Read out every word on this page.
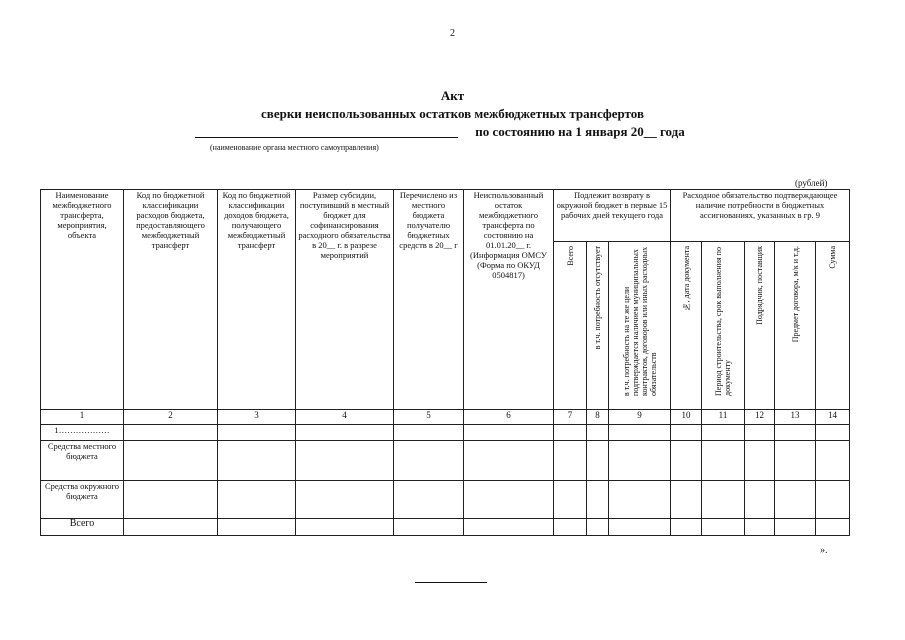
2
Акт
сверки неиспользованных остатков межбюджетных трансфертов
по состоянию на 1 января 20__ года
(наименование органа местного самоуправления)
(рублей)
Наименование межбюджетного трансферта, мероприятия, объекта	Код по бюджетной классификации расходов бюджета, предоставляющего межбюджетный трансферт	Код по бюджетной классификации доходов бюджета, получающего межбюджетный трансферт	Размер субсидии, поступивший в местный бюджет для софинансирования расходного обязательства в 20__ г. в разрезе мероприятий	Перечислено из местного бюджета получателю бюджетных средств в 20__ г	Неиспользованный остаток межбюджетного трансферта по состоянию на 01.01.20__ г. (Информация ОМСУ (Форма по ОКУД 0504817)	Подлежит возврату в окружной бюджет в первые 15 рабочих дней текущего года			Расходное обязательство подтверждающее наличие потребности в бюджетных ассигнованиях, указанных в гр. 9				

						Всего	в т.ч. потребность отсутствует	в т.ч. потребность на те же цели подтверждается наличием муниципальных контрактов, договоров или иных расходных обязательств	№, дата документа	Период строительства, срок выполнения по документу	Подрядчик, поставщик	Предмет договора, м/к и т.д.	Сумма

1	2	3	4	5	6	7	8	9	10	11	12	13	14
1………………													
Средства местного бюджета													
Средства окружного бюджета													
Всего													
».
